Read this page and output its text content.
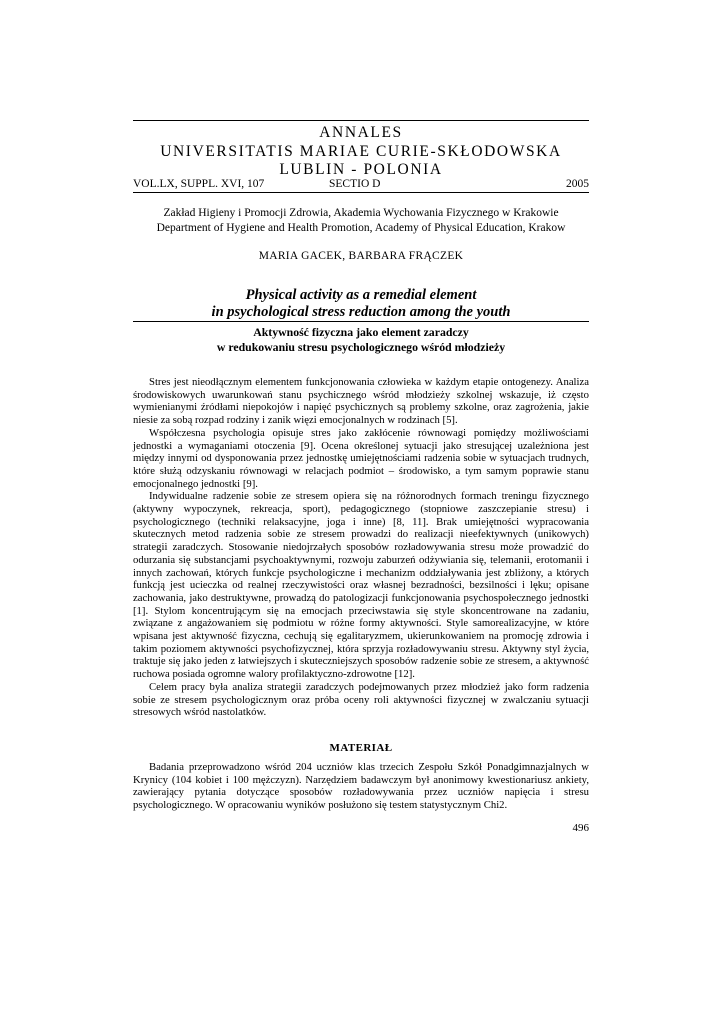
ANNALES
UNIVERSITATIS MARIAE CURIE-SKŁODOWSKA
LUBLIN - POLONIA
VOL.LX, SUPPL. XVI, 107	SECTIO D	2005
Zakład Higieny i Promocji Zdrowia, Akademia Wychowania Fizycznego w Krakowie
Department of Hygiene and Health Promotion, Academy of Physical Education, Krakow
MARIA GACEK, BARBARA FRĄCZEK
Physical activity as a remedial element
in psychological stress reduction among the youth
Aktywność fizyczna jako element zaradczy
w redukowaniu stresu psychologicznego wśród młodzieży

Stres jest nieodłącznym elementem funkcjonowania człowieka w każdym etapie ontogenezy. Analiza środowiskowych uwarunkowań stanu psychicznego wśród młodzieży szkolnej wskazuje, iż często wymienianymi źródłami niepokojów i napięć psychicznych są problemy szkolne, oraz zagrożenia, jakie niesie za sobą rozpad rodziny i zanik więzi emocjonalnych w rodzinach [5].

Współczesna psychologia opisuje stres jako zakłócenie równowagi pomiędzy możliwościami jednostki a wymaganiami otoczenia [9]. Ocena określonej sytuacji jako stresującej uzależniona jest między innymi od dysponowania przez jednostkę umiejętnościami radzenia sobie w sytuacjach trudnych, które służą odzyskaniu równowagi w relacjach podmiot – środowisko, a tym samym poprawie stanu emocjonalnego jednostki [9].

Indywidualne radzenie sobie ze stresem opiera się na różnorodnych formach treningu fizycznego (aktywny wypoczynek, rekreacja, sport), pedagogicznego (stopniowe zaszczepianie stresu) i psychologicznego (techniki relaksacyjne, joga i inne) [8, 11]. Brak umiejętności wypracowania skutecznych metod radzenia sobie ze stresem prowadzi do realizacji nieefektywnych (unikowych) strategii zaradczych. Stosowanie niedojrzałych sposobów rozładowywania stresu może prowadzić do odurzania się substancjami psychoaktywnymi, rozwoju zaburzeń odżywiania się, telemanii, erotomanii i innych zachowań, których funkcje psychologiczne i mechanizm oddziaływania jest zbliżony, a których funkcją jest ucieczka od realnej rzeczywistości oraz własnej bezradności, bezsilności i lęku; opisane zachowania, jako destruktywne, prowadzą do patologizacji funkcjonowania psychospołecznego jednostki [1]. Stylom koncentrującym się na emocjach przeciwstawia się style skoncentrowane na zadaniu, związane z angażowaniem się podmiotu w różne formy aktywności. Style samorealizacyjne, w które wpisana jest aktywność fizyczna, cechują się egalitaryzmem, ukierunkowaniem na promocję zdrowia i takim poziomem aktywności psychofizycznej, która sprzyja rozładowywaniu stresu. Aktywny styl życia, traktuje się jako jeden z łatwiejszych i skuteczniejszych sposobów radzenie sobie ze stresem, a aktywność ruchowa posiada ogromne walory profilaktyczno-zdrowotne [12].

Celem pracy była analiza strategii zaradczych podejmowanych przez młodzież jako form radzenia sobie ze stresem psychologicznym oraz próba oceny roli aktywności fizycznej w zwalczaniu sytuacji stresowych wśród nastolatków.

MATERIAŁ

Badania przeprowadzono wśród 204 uczniów klas trzecich Zespołu Szkół Ponadgimnazjalnych w Krynicy (104 kobiet i 100 mężczyzn). Narzędziem badawczym był anonimowy kwestionariusz ankiety, zawierający pytania dotyczące sposobów rozładowywania przez uczniów napięcia i stresu psychologicznego. W opracowaniu wyników posłużono się testem statystycznym Chi2.

496
